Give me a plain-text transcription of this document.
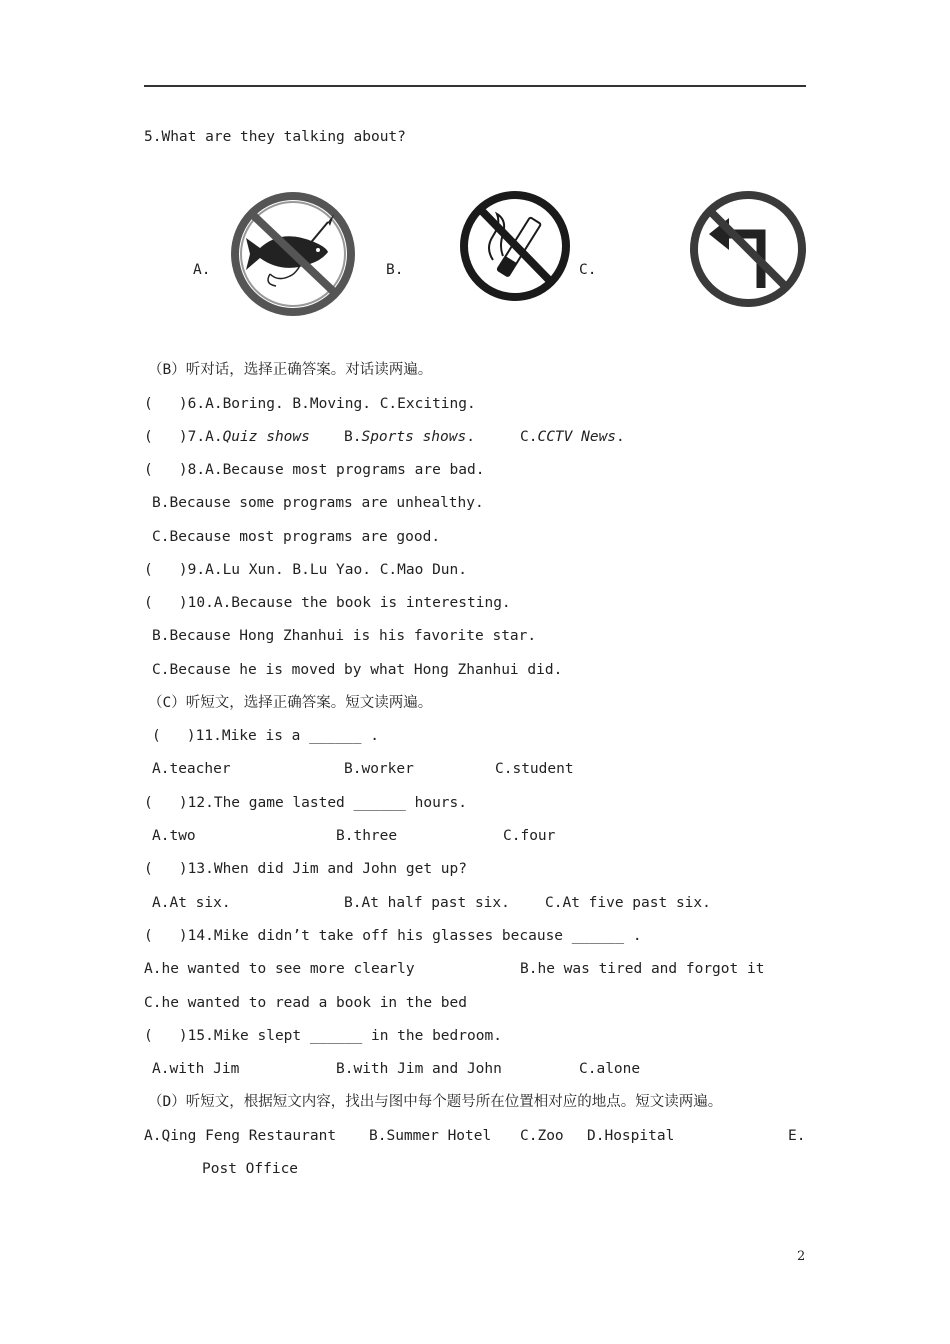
5.What are they talking about?
A.	B.	C.
（B）听对话，选择正确答案。对话读两遍。
(   )6.A.Boring. B.Moving. C.Exciting.
(   )7.A.Quiz shows B.Sports shows.	C.CCTV News.
(   )8.A.Because most programs are bad.
B.Because some programs are unhealthy.
C.Because most programs are good.
(   )9.A.Lu Xun. B.Lu Yao. C.Mao Dun.
(   )10.A.Because the book is interesting.
B.Because Hong Zhanhui is his favorite star.
C.Because he is moved by what Hong Zhanhui did.
（C）听短文，选择正确答案。短文读两遍。
(   )11.Mike is a ______ .
A.teacher	B.worker	C.student
(   )12.The game lasted ______ hours.
A.two	B.three	C.four
(   )13.When did Jim and John get up?
A.At six.	B.At half past six. C.At five past six.
(   )14.Mike didn’t take off his glasses because ______ .
A.he wanted to see more clearly	B.he was tired and forgot it
C.he wanted to read a book in the bed
(   )15.Mike slept ______ in the bedroom.
A.with Jim	B.with Jim and John	C.alone
（D）听短文，根据短文内容，找出与图中每个题号所在位置相对应的地点。短文读两遍。
A.Qing Feng Restaurant B.Summer Hotel C.Zoo D.Hospital	E.
Post Office
2
